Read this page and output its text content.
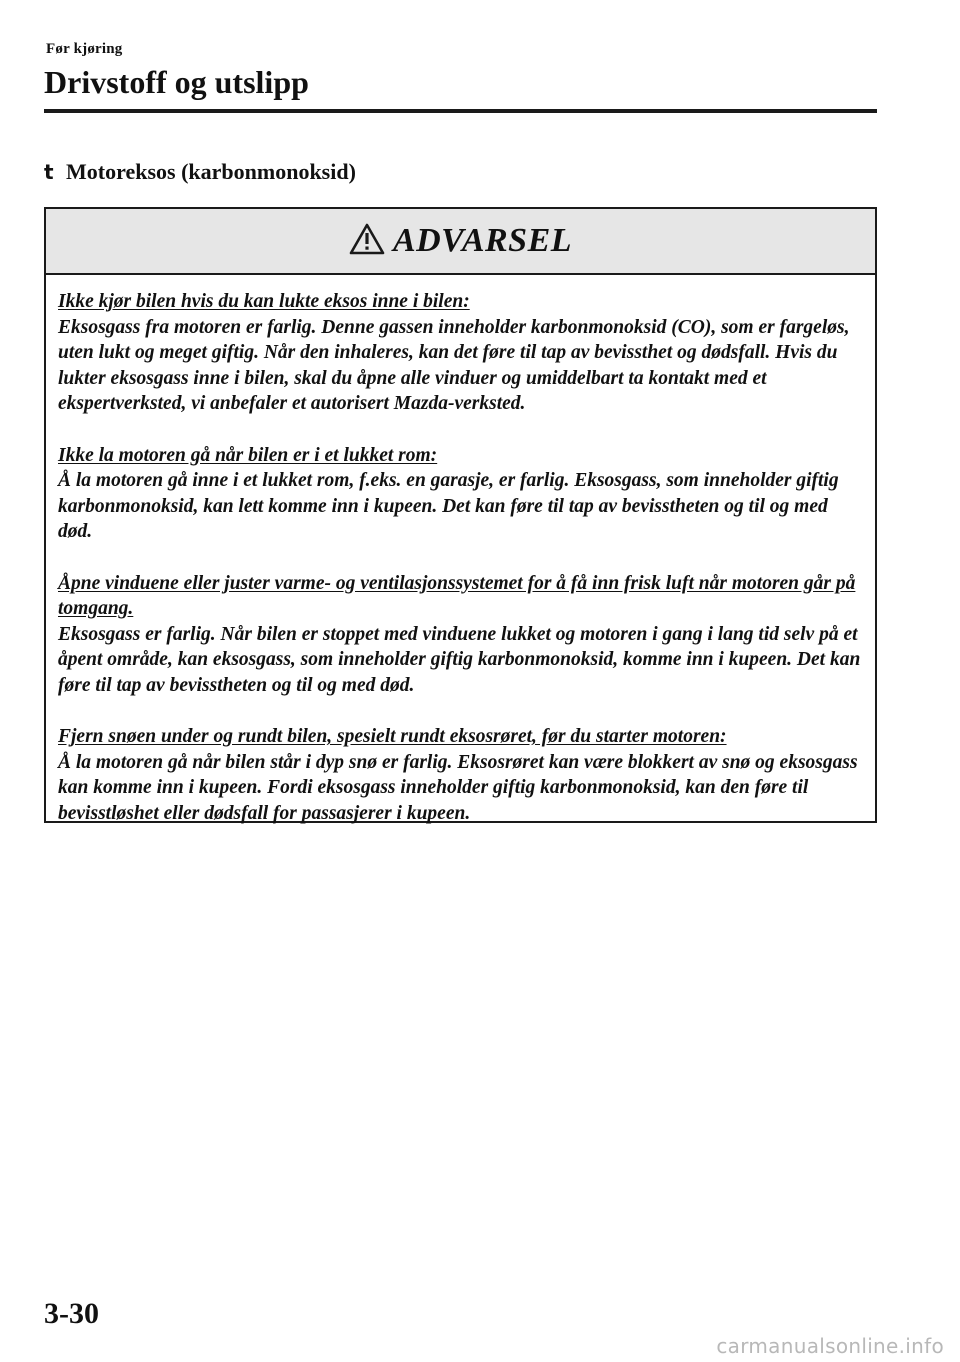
Før kjøring
Drivstoff og utslipp
t Motoreksos (karbonmonoksid)
ADVARSEL

Ikke kjør bilen hvis du kan lukte eksos inne i bilen:
Eksosgass fra motoren er farlig. Denne gassen inneholder karbonmonoksid (CO), som er fargeløs, uten lukt og meget giftig. Når den inhaleres, kan det føre til tap av bevissthet og dødsfall. Hvis du lukter eksosgass inne i bilen, skal du åpne alle vinduer og umiddelbart ta kontakt med et ekspertverksted, vi anbefaler et autorisert Mazda-verksted.

Ikke la motoren gå når bilen er i et lukket rom:
Å la motoren gå inne i et lukket rom, f.eks. en garasje, er farlig. Eksosgass, som inneholder giftig karbonmonoksid, kan lett komme inn i kupeen. Det kan føre til tap av bevisstheten og til og med død.

Åpne vinduene eller juster varme- og ventilasjonssystemet for å få inn frisk luft når motoren går på tomgang.
Eksosgass er farlig. Når bilen er stoppet med vinduene lukket og motoren i gang i lang tid selv på et åpent område, kan eksosgass, som inneholder giftig karbonmonoksid, komme inn i kupeen. Det kan føre til tap av bevisstheten og til og med død.

Fjern snøen under og rundt bilen, spesielt rundt eksosrøret, før du starter motoren:
Å la motoren gå når bilen står i dyp snø er farlig. Eksosrøret kan være blokkert av snø og eksosgass kan komme inn i kupeen. Fordi eksosgass inneholder giftig karbonmonoksid, kan den føre til bevisstløshet eller dødsfall for passasjerer i kupeen.

3-30
carmanualsonline.info
